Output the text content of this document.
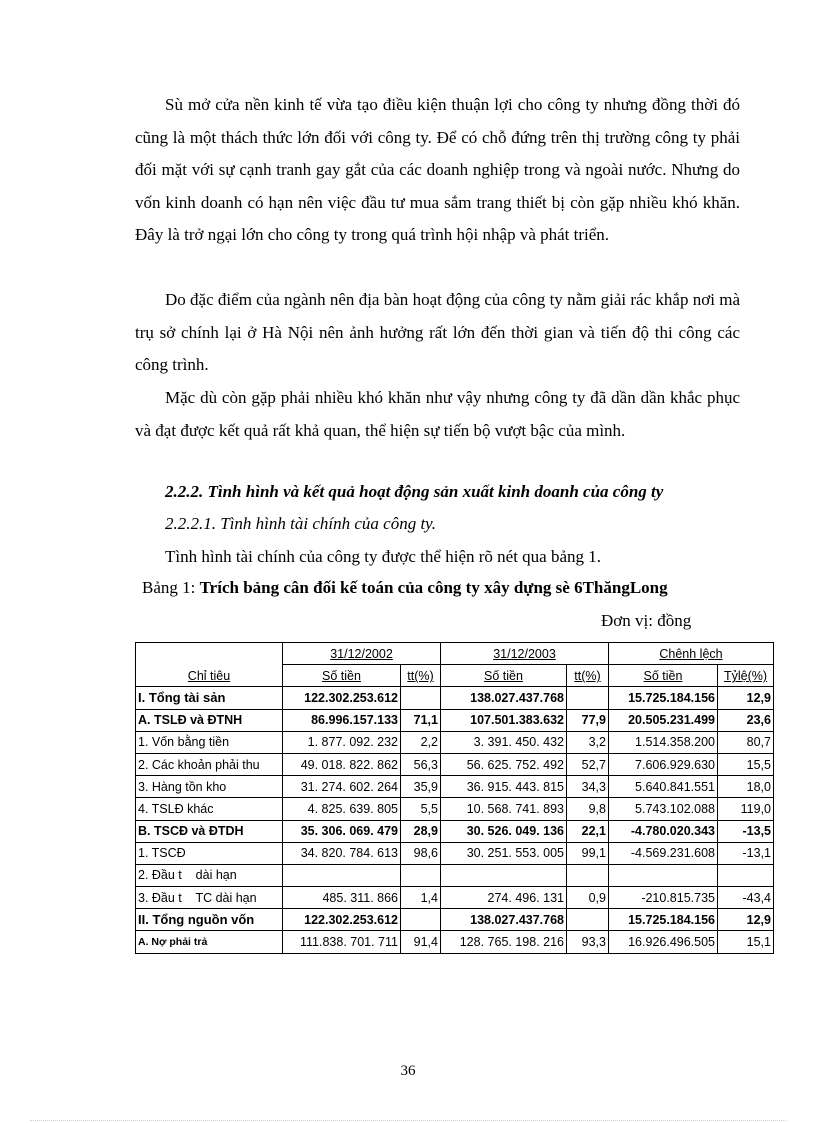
Sù mở cửa nền kinh tế vừa tạo điều kiện thuận lợi cho công ty nhưng đồng thời đó cũng là một thách thức lớn đối với công ty. Để có chỗ đứng trên thị trường công ty phải đối mặt với sự cạnh tranh gay gắt của các doanh nghiệp trong và ngoài nước. Nhưng do vốn kinh doanh có hạn nên việc đầu tư mua sắm trang thiết bị còn gặp nhiều khó khăn. Đây là trở ngại lớn cho công ty trong quá trình hội nhập và phát triển.

Do đặc điểm của ngành nên địa bàn hoạt động của công ty nằm giải rác khắp nơi mà trụ sở chính lại ở Hà Nội nên ảnh hưởng rất lớn đến thời gian và tiến độ thi công các công trình.

Mặc dù còn gặp phải nhiều khó khăn như vậy nhưng công ty đã dần dần khắc phục và đạt được kết quả rất khả quan, thể hiện sự tiến bộ vượt bậc của mình.

2.2.2. Tình hình và kết quả hoạt động sản xuất kinh doanh của công ty
2.2.2.1. Tình hình tài chính của công ty.
Tình hình tài chính của công ty được thể hiện rõ nét qua bảng 1.
Bảng 1: Trích bảng cân đối kế toán của công ty xây dựng sè 6ThăngLong
Đơn vị: đồng
Chỉ tiêu	31/12/2002		31/12/2003		Chênh lệch	
	Số tiền	tt(%)	Số tiền	tt(%)	Số tiền	Tỷlệ(%)
I. Tổng tài sản	122.302.253.612		138.027.437.768		15.725.184.156	12,9
A. TSLĐ và ĐTNH	86.996.157.133	71,1	107.501.383.632	77,9	20.505.231.499	23,6
1. Vốn bằng tiền	1. 877. 092. 232	2,2	3. 391. 450. 432	3,2	1.514.358.200	80,7
2. Các khoản phải thu	49. 018. 822. 862	56,3	56. 625. 752. 492	52,7	7.606.929.630	15,5
3. Hàng tồn kho	31. 274. 602. 264	35,9	36. 915. 443. 815	34,3	5.640.841.551	18,0
4. TSLĐ khác	4. 825. 639. 805	5,5	10. 568. 741. 893	9,8	5.743.102.088	119,0
B. TSCĐ và ĐTDH	35. 306. 069. 479	28,9	30. 526. 049. 136	22,1	-4.780.020.343	-13,5
1. TSCĐ	34. 820. 784. 613	98,6	30. 251. 553. 005	99,1	-4.569.231.608	-13,1
2. Đầu t    dài hạn						
3. Đầu t    TC dài hạn	485. 311. 866	1,4	274. 496. 131	0,9	-210.815.735	-43,4
II. Tổng nguồn vốn	122.302.253.612		138.027.437.768		15.725.184.156	12,9
A. Nợ phải trả	111.838. 701. 711	91,4	128. 765. 198. 216	93,3	16.926.496.505	15,1
36
